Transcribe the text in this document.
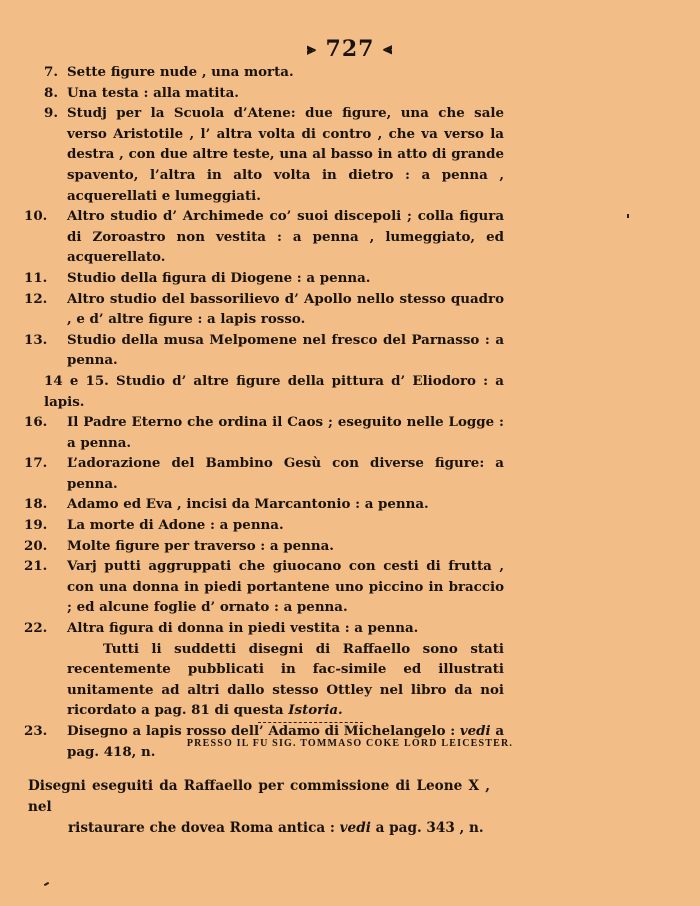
⫸ 727 ⫷
7. Sette figure nude , una morta.
8. Una testa : alla matita.
9. Studj per la Scuola d’Atene: due figure, una che sale verso Aristotile , l’ altra volta di contro , che va verso la destra , con due altre teste, una al basso in atto di grande spavento, l’altra in alto volta in dietro : a penna , acquerellati e lumeggiati.
10. Altro studio d’ Archimede co’ suoi discepoli ; colla figura di Zoroastro non vestita : a penna , lumeggiato, ed acquerellato.
11. Studio della figura di Diogene : a penna.
12. Altro studio del bassorilievo d’ Apollo nello stesso quadro , e d’ altre figure : a lapis rosso.
13. Studio della musa Melpomene nel fresco del Parnasso : a penna.
14 e 15. Studio d’ altre figure della pittura d’ Eliodoro : a lapis.
16. Il Padre Eterno che ordina il Caos ; eseguito nelle Logge : a penna.
17. L’adorazione del Bambino Gesù con diverse figure: a penna.
18. Adamo ed Eva , incisi da Marcantonio : a penna.
19. La morte di Adone : a penna.
20. Molte figure per traverso : a penna.
21. Varj putti aggruppati che giuocano con cesti di frutta , con una donna in piedi portantene uno piccino in braccio ; ed alcune foglie d’ ornato : a penna.
22. Altra figura di donna in piedi vestita : a penna.
Tutti li suddetti disegni di Raffaello sono stati recentemente pubblicati in fac-simile ed illustrati unitamente ad altri dallo stesso Ottley nel libro da noi ricordato a pag. 81 di questa Istoria.
23. Disegno a lapis rosso dell’ Adamo di Michelangelo : vedi a pag. 418, n.
PRESSO IL FU SIG. TOMMASO COKE LORD LEICESTER.
Disegni eseguiti da Raffaello per commissione di Leone X , nel
ristaurare che dovea Roma antica : vedi a pag. 343 , n.
